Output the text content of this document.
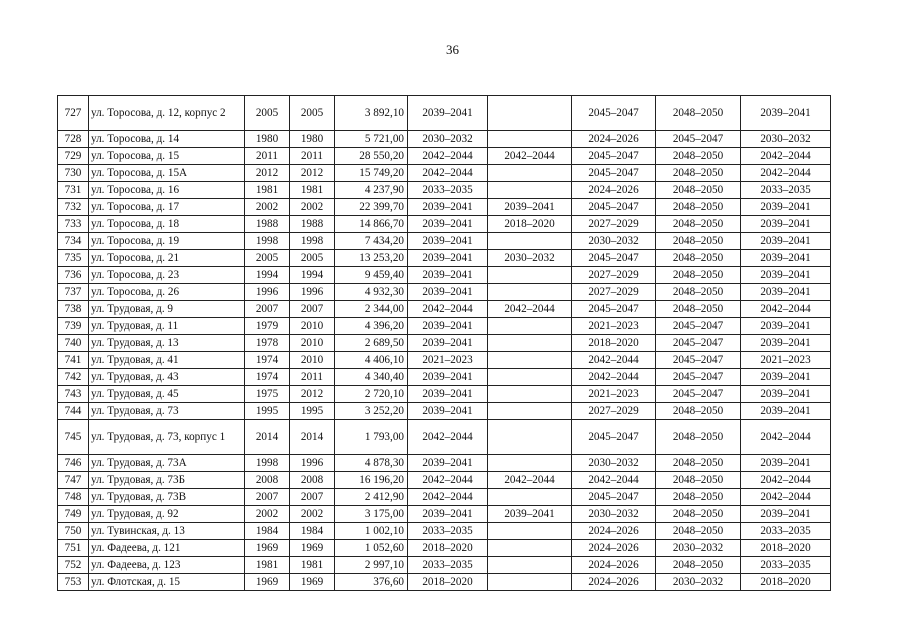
36
727	ул. Торосова, д. 12, корпус 2	2005	2005	3 892,10	2039–2041		2045–2047	2048–2050	2039–2041
728	ул. Торосова, д. 14	1980	1980	5 721,00	2030–2032		2024–2026	2045–2047	2030–2032
729	ул. Торосова, д. 15	2011	2011	28 550,20	2042–2044	2042–2044	2045–2047	2048–2050	2042–2044
730	ул. Торосова, д. 15А	2012	2012	15 749,20	2042–2044		2045–2047	2048–2050	2042–2044
731	ул. Торосова, д. 16	1981	1981	4 237,90	2033–2035		2024–2026	2048–2050	2033–2035
732	ул. Торосова, д. 17	2002	2002	22 399,70	2039–2041	2039–2041	2045–2047	2048–2050	2039–2041
733	ул. Торосова, д. 18	1988	1988	14 866,70	2039–2041	2018–2020	2027–2029	2048–2050	2039–2041
734	ул. Торосова, д. 19	1998	1998	7 434,20	2039–2041		2030–2032	2048–2050	2039–2041
735	ул. Торосова, д. 21	2005	2005	13 253,20	2039–2041	2030–2032	2045–2047	2048–2050	2039–2041
736	ул. Торосова, д. 23	1994	1994	9 459,40	2039–2041		2027–2029	2048–2050	2039–2041
737	ул. Торосова, д. 26	1996	1996	4 932,30	2039–2041		2027–2029	2048–2050	2039–2041
738	ул. Трудовая, д. 9	2007	2007	2 344,00	2042–2044	2042–2044	2045–2047	2048–2050	2042–2044
739	ул. Трудовая, д. 11	1979	2010	4 396,20	2039–2041		2021–2023	2045–2047	2039–2041
740	ул. Трудовая, д. 13	1978	2010	2 689,50	2039–2041		2018–2020	2045–2047	2039–2041
741	ул. Трудовая, д. 41	1974	2010	4 406,10	2021–2023		2042–2044	2045–2047	2021–2023
742	ул. Трудовая, д. 43	1974	2011	4 340,40	2039–2041		2042–2044	2045–2047	2039–2041
743	ул. Трудовая, д. 45	1975	2012	2 720,10	2039–2041		2021–2023	2045–2047	2039–2041
744	ул. Трудовая, д. 73	1995	1995	3 252,20	2039–2041		2027–2029	2048–2050	2039–2041
745	ул. Трудовая, д. 73, корпус 1	2014	2014	1 793,00	2042–2044		2045–2047	2048–2050	2042–2044
746	ул. Трудовая, д. 73А	1998	1996	4 878,30	2039–2041		2030–2032	2048–2050	2039–2041
747	ул. Трудовая, д. 73Б	2008	2008	16 196,20	2042–2044	2042–2044	2042–2044	2048–2050	2042–2044
748	ул. Трудовая, д. 73В	2007	2007	2 412,90	2042–2044		2045–2047	2048–2050	2042–2044
749	ул. Трудовая, д. 92	2002	2002	3 175,00	2039–2041	2039–2041	2030–2032	2048–2050	2039–2041
750	ул. Тувинская, д. 13	1984	1984	1 002,10	2033–2035		2024–2026	2048–2050	2033–2035
751	ул. Фадеева, д. 121	1969	1969	1 052,60	2018–2020		2024–2026	2030–2032	2018–2020
752	ул. Фадеева, д. 123	1981	1981	2 997,10	2033–2035		2024–2026	2048–2050	2033–2035
753	ул. Флотская, д. 15	1969	1969	376,60	2018–2020		2024–2026	2030–2032	2018–2020
